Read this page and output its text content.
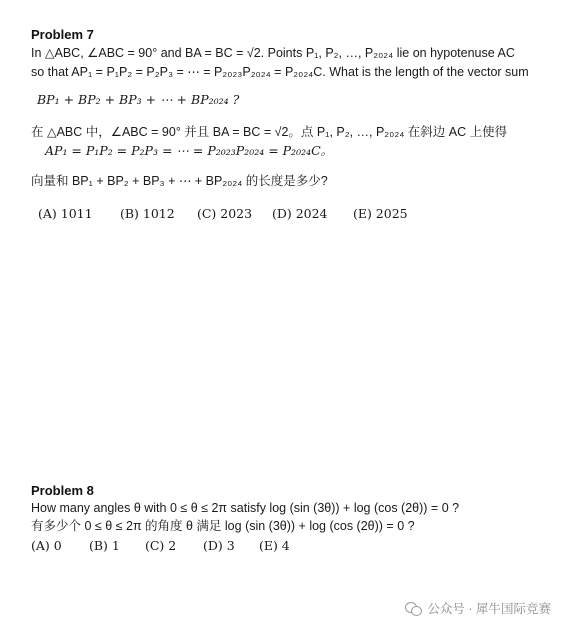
Problem 7
In △ABC, ∠ABC = 90° and BA = BC = √2. Points P₁, P₂, …, P₂₀₂₄ lie on hypotenuse AC
so that AP₁ = P₁P₂ = P₂P₃ = ⋯ = P₂₀₂₃P₂₀₂₄ = P₂₀₂₄C. What is the length of the vector sum
BP₁ + BP₂ + BP₃ + ⋯ + BP₂₀₂₄ ?
在 △ABC 中，∠ABC = 90° 并且 BA = BC = √2。点 P₁, P₂, …, P₂₀₂₄ 在斜边 AC 上使得
AP₁ = P₁P₂ = P₂P₃ = ⋯ = P₂₀₂₃P₂₀₂₄ = P₂₀₂₄C。
向量和 BP₁ + BP₂ + BP₃ + ⋯ + BP₂₀₂₄ 的长度是多少?
(A) 1011 (B) 1012 (C) 2023 (D) 2024 (E) 2025
Problem 8
How many angles θ with 0 ≤ θ ≤ 2π satisfy log (sin (3θ)) + log (cos (2θ)) = 0 ?
有多少个 0 ≤ θ ≤ 2π 的角度 θ 满足 log (sin (3θ)) + log (cos (2θ)) = 0 ?
(A) 0 (B) 1 (C) 2 (D) 3 (E) 4
公众号 · 犀牛国际竞赛
